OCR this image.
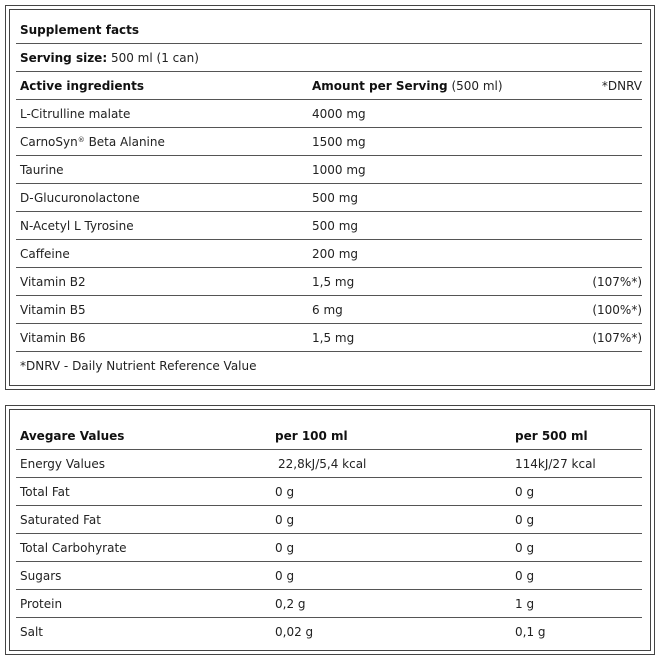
Supplement facts
Serving size: 500 ml (1 can)
Active ingredients	Amount per Serving (500 ml)	*DNRV
L-Citrulline malate	4000 mg
CarnoSyn® Beta Alanine	1500 mg
Taurine	1000 mg
D-Glucuronolactone	500 mg
N-Acetyl L Tyrosine	500 mg
Caffeine	200 mg
Vitamin B2	1,5 mg	(107%*)
Vitamin B5	6 mg	(100%*)
Vitamin B6	1,5 mg	(107%*)
*DNRV - Daily Nutrient Reference Value
Avegare Values	per 100 ml	per 500 ml
Energy Values	22,8kJ/5,4 kcal	114kJ/27 kcal
Total Fat	0 g	0 g
Saturated Fat	0 g	0 g
Total Carbohyrate	0 g	0 g
Sugars	0 g	0 g
Protein	0,2 g	1 g
Salt	0,02 g	0,1 g
